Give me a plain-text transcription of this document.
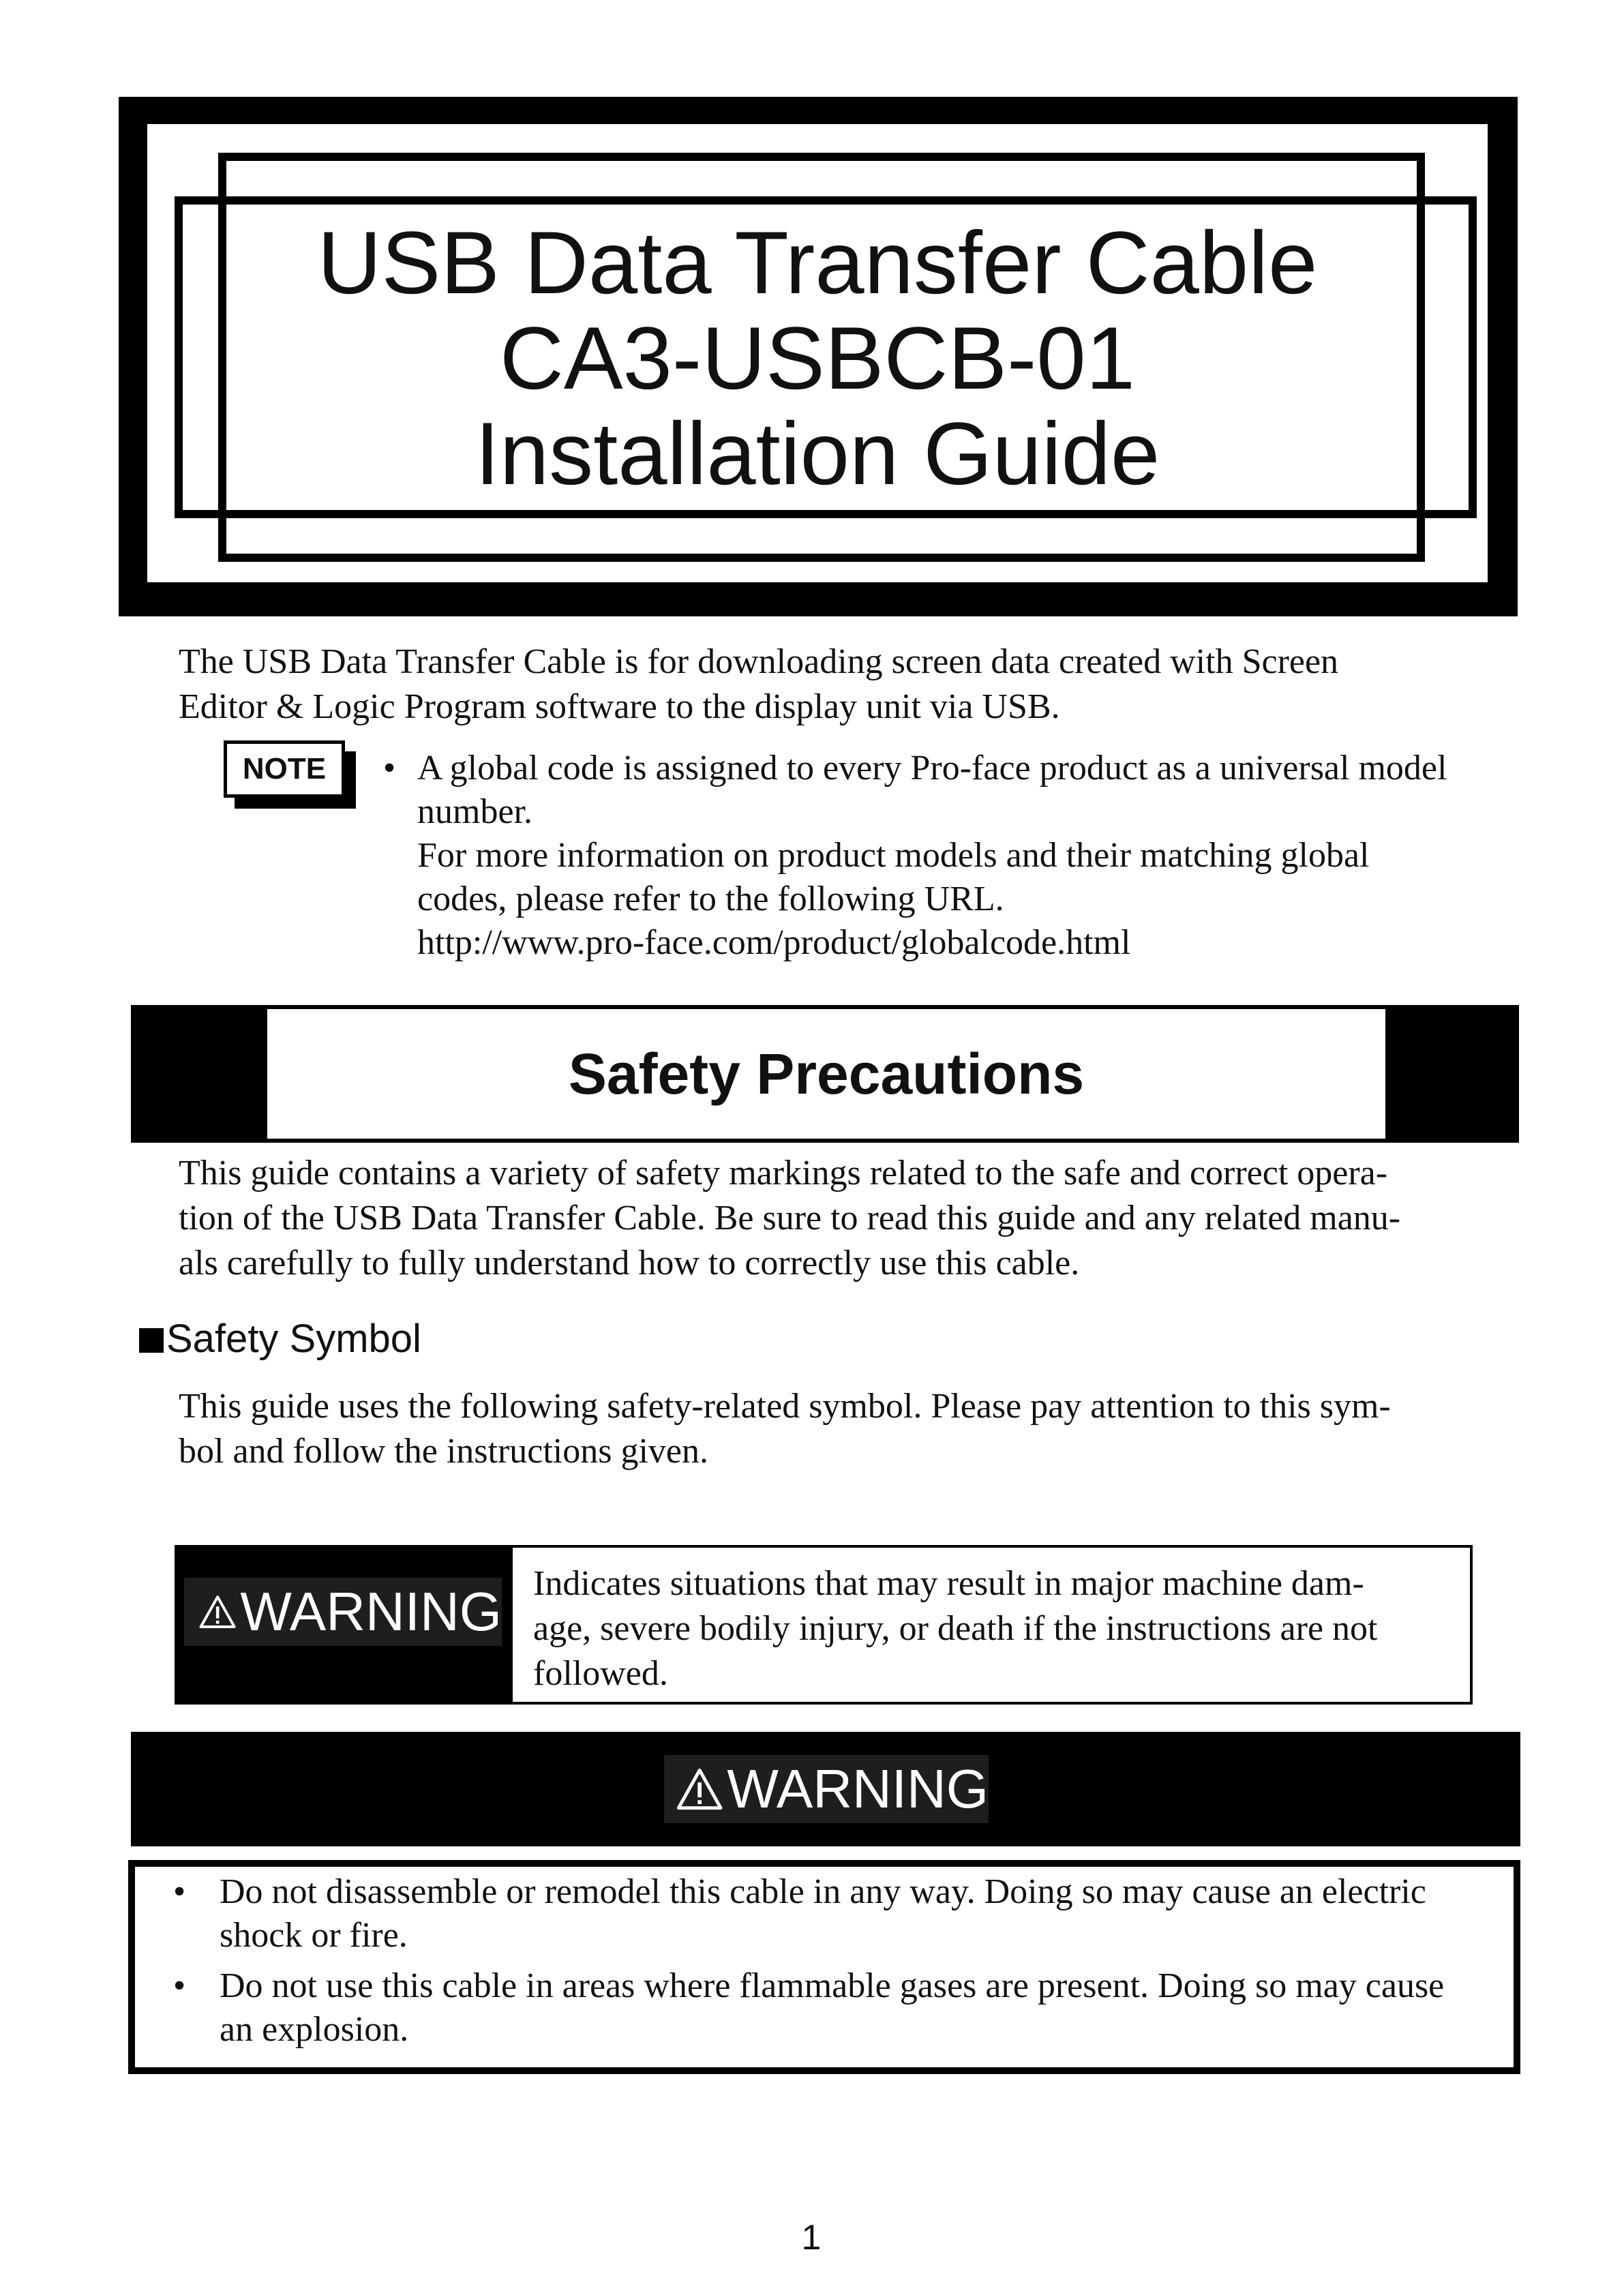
USB Data Transfer Cable
CA3-USBCB-01
Installation Guide
The USB Data Transfer Cable is for downloading screen data created with Screen
Editor & Logic Program software to the display unit via USB.
NOTE	• A global code is assigned to every Pro-face product as a universal model
number.
For more information on product models and their matching global
codes, please refer to the following URL.
http://www.pro-face.com/product/globalcode.html
Safety Precautions
This guide contains a variety of safety markings related to the safe and correct opera-
tion of the USB Data Transfer Cable. Be sure to read this guide and any related manu-
als carefully to fully understand how to correctly use this cable.
Safety Symbol
This guide uses the following safety-related symbol. Please pay attention to this sym-
bol and follow the instructions given.
WARNING Indicates situations that may result in major machine dam-
age, severe bodily injury, or death if the instructions are not
followed.
WARNING
• Do not disassemble or remodel this cable in any way. Doing so may cause an electric
shock or fire.
• Do not use this cable in areas where flammable gases are present. Doing so may cause
an explosion.
1
